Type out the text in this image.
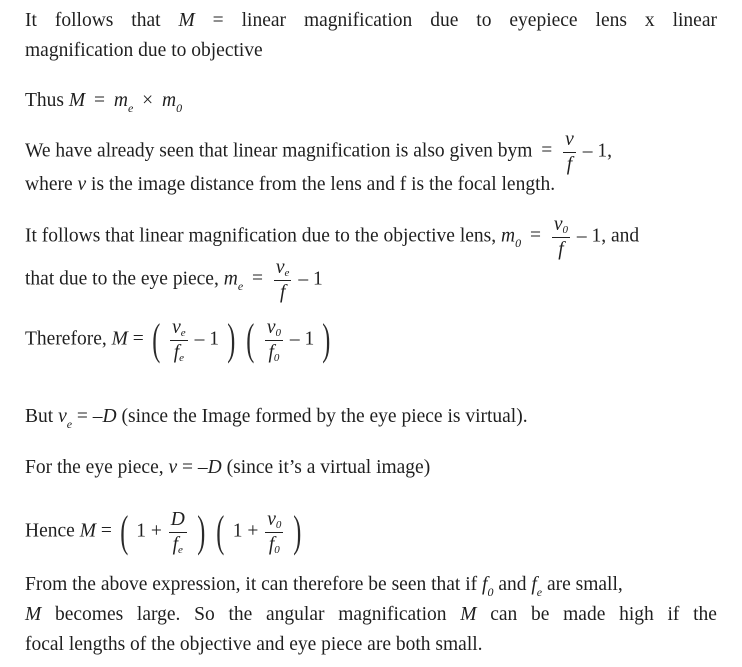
It follows that M = linear magnification due to eyepiece lens x linear
magnification due to objective
Thus $M = m_e \times m_0$
We have already seen that linear magnification is also given bym = $\frac{v}{f} - 1$,
where v is the image distance from the lens and f is the focal length.
It follows that linear magnification due to the objective lens, $m_0 = \frac{v0}{f} - 1$, and
that due to the eye piece, $m_e = \frac{ve}{f} - 1$
Therefore, M = ( $\frac{ve}{fe} - 1$ ) ( $\frac{v0}{f0} - 1$ )
But $v_e = -D$ (since the Image formed by the eye piece is virtual).
For the eye piece, v = –D (since it’s a virtual image)
Hence M = ( $1 + \frac{D}{fe}$ ) ( $1 + \frac{v0}{f0}$ )
From the above expression, it can therefore be seen that if $f_0$ and $f_e$ are small,
M becomes large. So the angular magnification M can be made high if the
focal lengths of the objective and eye piece are both small.
